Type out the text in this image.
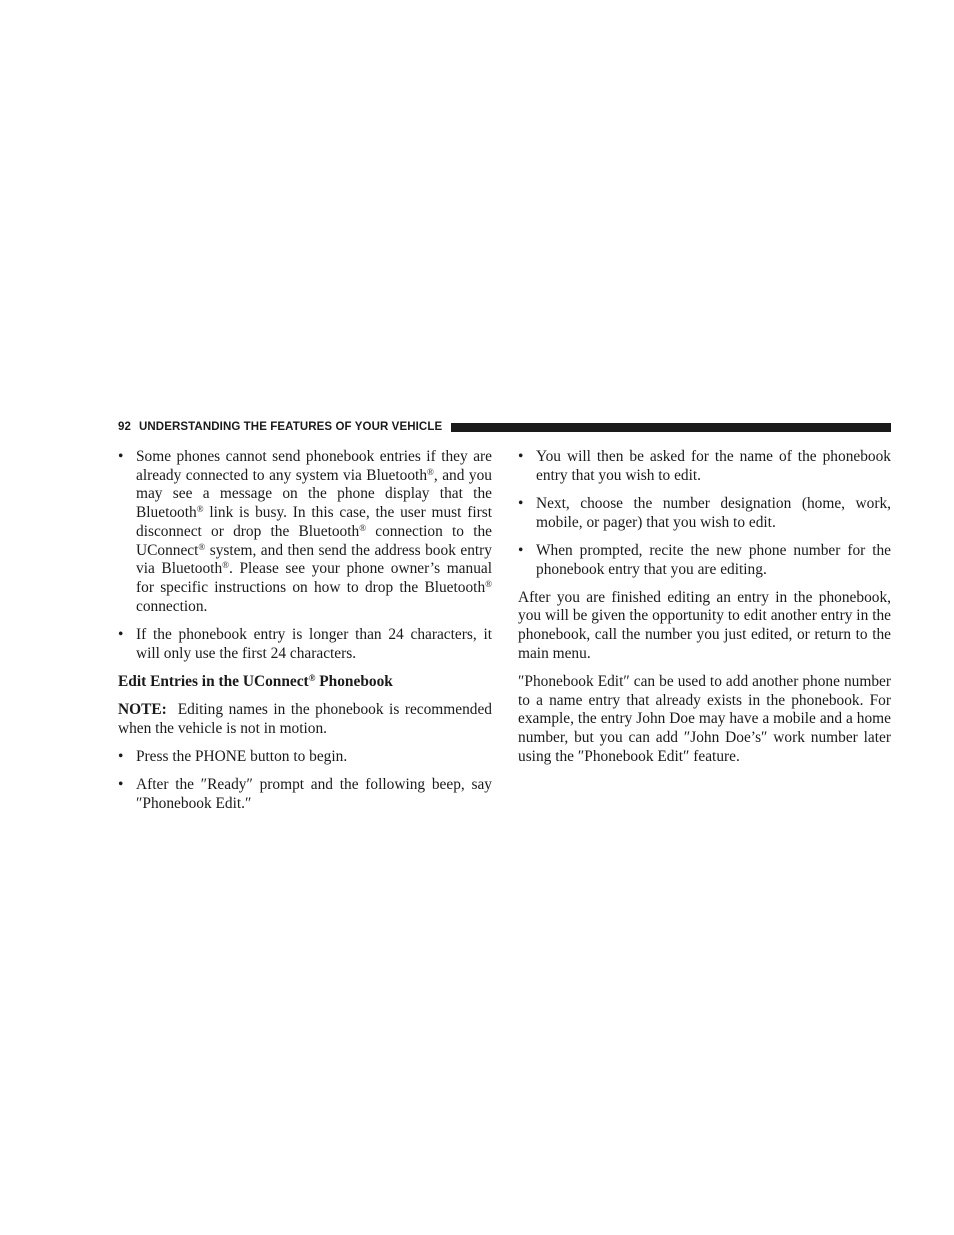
92 UNDERSTANDING THE FEATURES OF YOUR VEHICLE
• Some phones cannot send phonebook entries if they are already connected to any system via Bluetooth®, and you may see a message on the phone display that the Bluetooth® link is busy. In this case, the user must first disconnect or drop the Bluetooth® connection to the UConnect® system, and then send the address book entry via Bluetooth®. Please see your phone owner’s manual for specific instructions on how to drop the Bluetooth® connection.
• If the phonebook entry is longer than 24 characters, it will only use the first 24 characters.
Edit Entries in the UConnect® Phonebook

NOTE: Editing names in the phonebook is recommended when the vehicle is not in motion.

• Press the PHONE button to begin.
• After the ″Ready″ prompt and the following beep, say ″Phonebook Edit.″
• You will then be asked for the name of the phonebook entry that you wish to edit.
• Next, choose the number designation (home, work, mobile, or pager) that you wish to edit.
• When prompted, recite the new phone number for the phonebook entry that you are editing.

After you are finished editing an entry in the phonebook, you will be given the opportunity to edit another entry in the phonebook, call the number you just edited, or return to the main menu.

″Phonebook Edit″ can be used to add another phone number to a name entry that already exists in the phonebook. For example, the entry John Doe may have a mobile and a home number, but you can add ″John Doe’s″ work number later using the ″Phonebook Edit″ feature.
